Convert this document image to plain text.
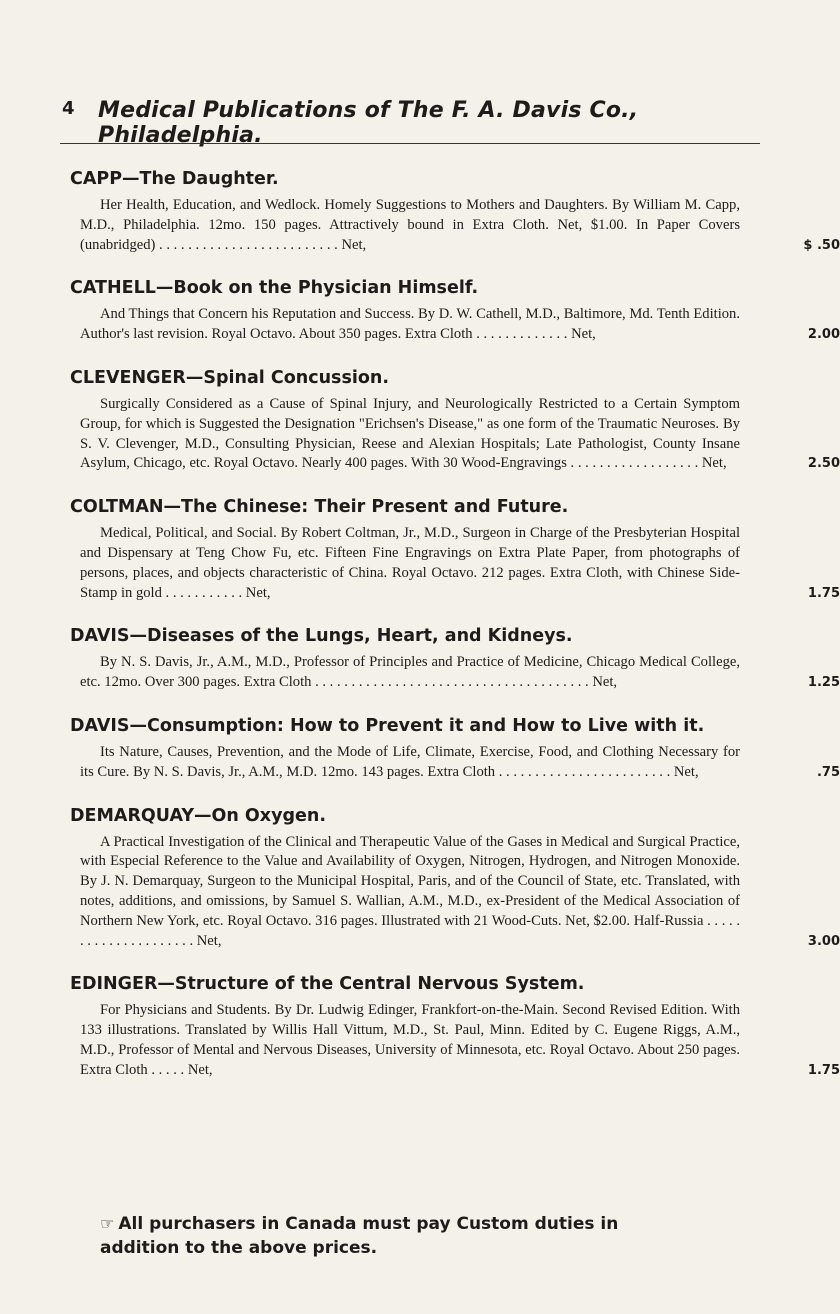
4 Medical Publications of The F. A. Davis Co., Philadelphia.
CAPP—The Daughter.
Her Health, Education, and Wedlock. Homely Suggestions to Mothers and Daughters. By William M. Capp, M.D., Philadelphia. 12mo. 150 pages. Attractively bound in Extra Cloth. Net, $1.00. In Paper Covers (unabridged) . . . . . . . . . . . . . . . . . . . . . . . . . Net,	$ .50
CATHELL—Book on the Physician Himself.
And Things that Concern his Reputation and Success. By D. W. Cathell, M.D., Baltimore, Md. Tenth Edition. Author's last revision. Royal Octavo. About 350 pages. Extra Cloth . . . . . . . . . . . . . Net,	2.00
CLEVENGER—Spinal Concussion.
Surgically Considered as a Cause of Spinal Injury, and Neurologically Restricted to a Certain Symptom Group, for which is Suggested the Designation "Erichsen's Disease," as one form of the Traumatic Neuroses. By S. V. Clevenger, M.D., Consulting Physician, Reese and Alexian Hospitals; Late Pathologist, County Insane Asylum, Chicago, etc. Royal Octavo. Nearly 400 pages. With 30 Wood-Engravings . . . . . . . . . . . . . . . . . . Net,	2.50
COLTMAN—The Chinese: Their Present and Future.
Medical, Political, and Social. By Robert Coltman, Jr., M.D., Surgeon in Charge of the Presbyterian Hospital and Dispensary at Teng Chow Fu, etc. Fifteen Fine Engravings on Extra Plate Paper, from photographs of persons, places, and objects characteristic of China. Royal Octavo. 212 pages. Extra Cloth, with Chinese Side-Stamp in gold . . . . . . . . . . . Net,	1.75
DAVIS—Diseases of the Lungs, Heart, and Kidneys.
By N. S. Davis, Jr., A.M., M.D., Professor of Principles and Practice of Medicine, Chicago Medical College, etc. 12mo. Over 300 pages. Extra Cloth . . . . . . . . . . . . . . . . . . . . . . . . . . . . . . . . . . . . . . Net,	1.25
DAVIS—Consumption: How to Prevent it and How to Live with it.
Its Nature, Causes, Prevention, and the Mode of Life, Climate, Exercise, Food, and Clothing Necessary for its Cure. By N. S. Davis, Jr., A.M., M.D. 12mo. 143 pages. Extra Cloth . . . . . . . . . . . . . . . . . . . . . . . . Net,	.75
DEMARQUAY—On Oxygen.
A Practical Investigation of the Clinical and Therapeutic Value of the Gases in Medical and Surgical Practice, with Especial Reference to the Value and Availability of Oxygen, Nitrogen, Hydrogen, and Nitrogen Monoxide. By J. N. Demarquay, Surgeon to the Municipal Hospital, Paris, and of the Council of State, etc. Translated, with notes, additions, and omissions, by Samuel S. Wallian, A.M., M.D., ex-President of the Medical Association of Northern New York, etc. Royal Octavo. 316 pages. Illustrated with 21 Wood-Cuts. Net, $2.00. Half-Russia . . . . . . . . . . . . . . . . . . . . . Net,	3.00
EDINGER—Structure of the Central Nervous System.
For Physicians and Students. By Dr. Ludwig Edinger, Frankfort-on-the-Main. Second Revised Edition. With 133 illustrations. Translated by Willis Hall Vittum, M.D., St. Paul, Minn. Edited by C. Eugene Riggs, A.M., M.D., Professor of Mental and Nervous Diseases, University of Minnesota, etc. Royal Octavo. About 250 pages. Extra Cloth . . . . . Net,	1.75
☞ All purchasers in Canada must pay Custom duties in addition to the above prices.
